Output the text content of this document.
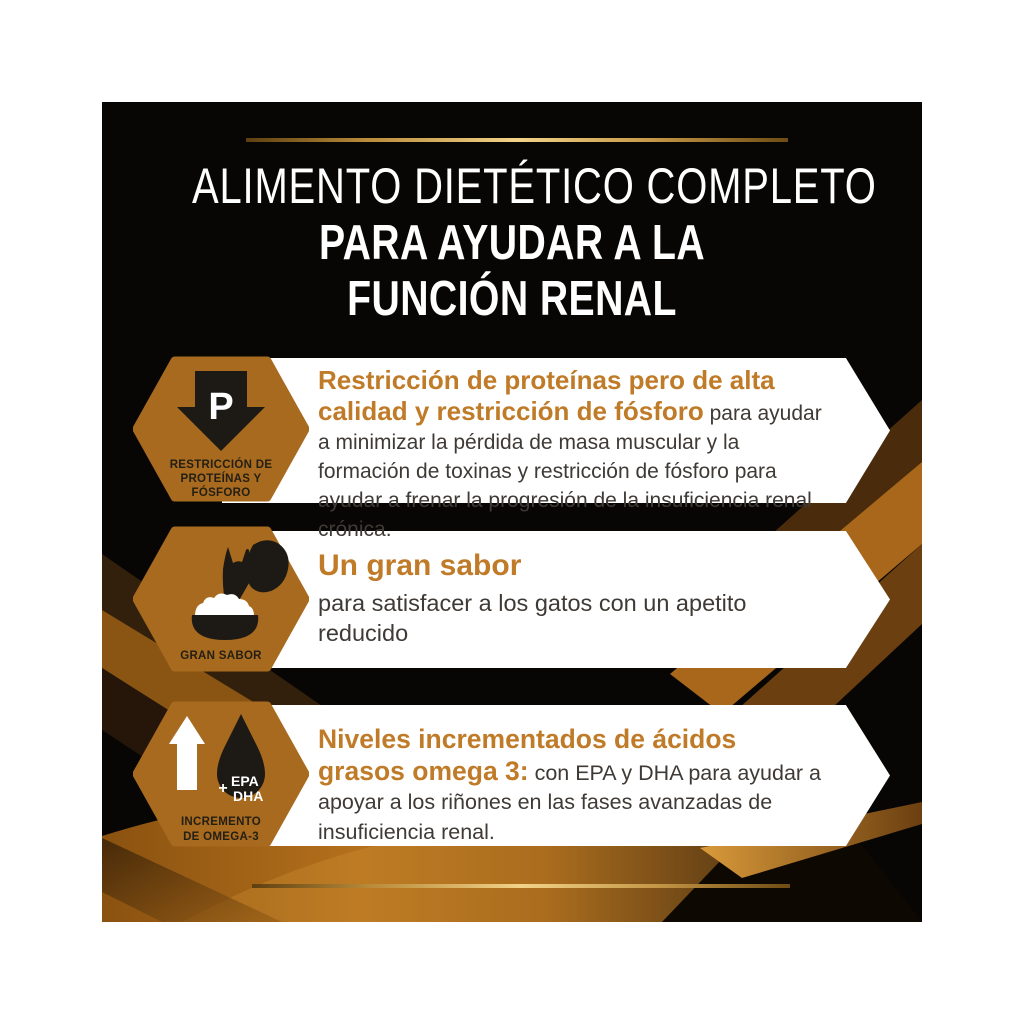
ALIMENTO DIETÉTICO COMPLETO
PARA AYUDAR A LA
FUNCIÓN RENAL

Restricción de proteínas pero de alta calidad y restricción de fósforo para ayudar a minimizar la pérdida de masa muscular y la formación de toxinas y restricción de fósforo para ayudar a frenar la progresión de la insuficiencia renal crónica.

Un gran sabor
para satisfacer a los gatos con un apetito reducido

Niveles incrementados de ácidos grasos omega 3: con EPA y DHA para ayudar a apoyar a los riñones en las fases avanzadas de insuficiencia renal.

P
RESTRICCIÓN DE
PROTEÍNAS Y
FÓSFORO
GRAN SABOR
+ EPA
DHA
INCREMENTO
DE OMEGA-3
